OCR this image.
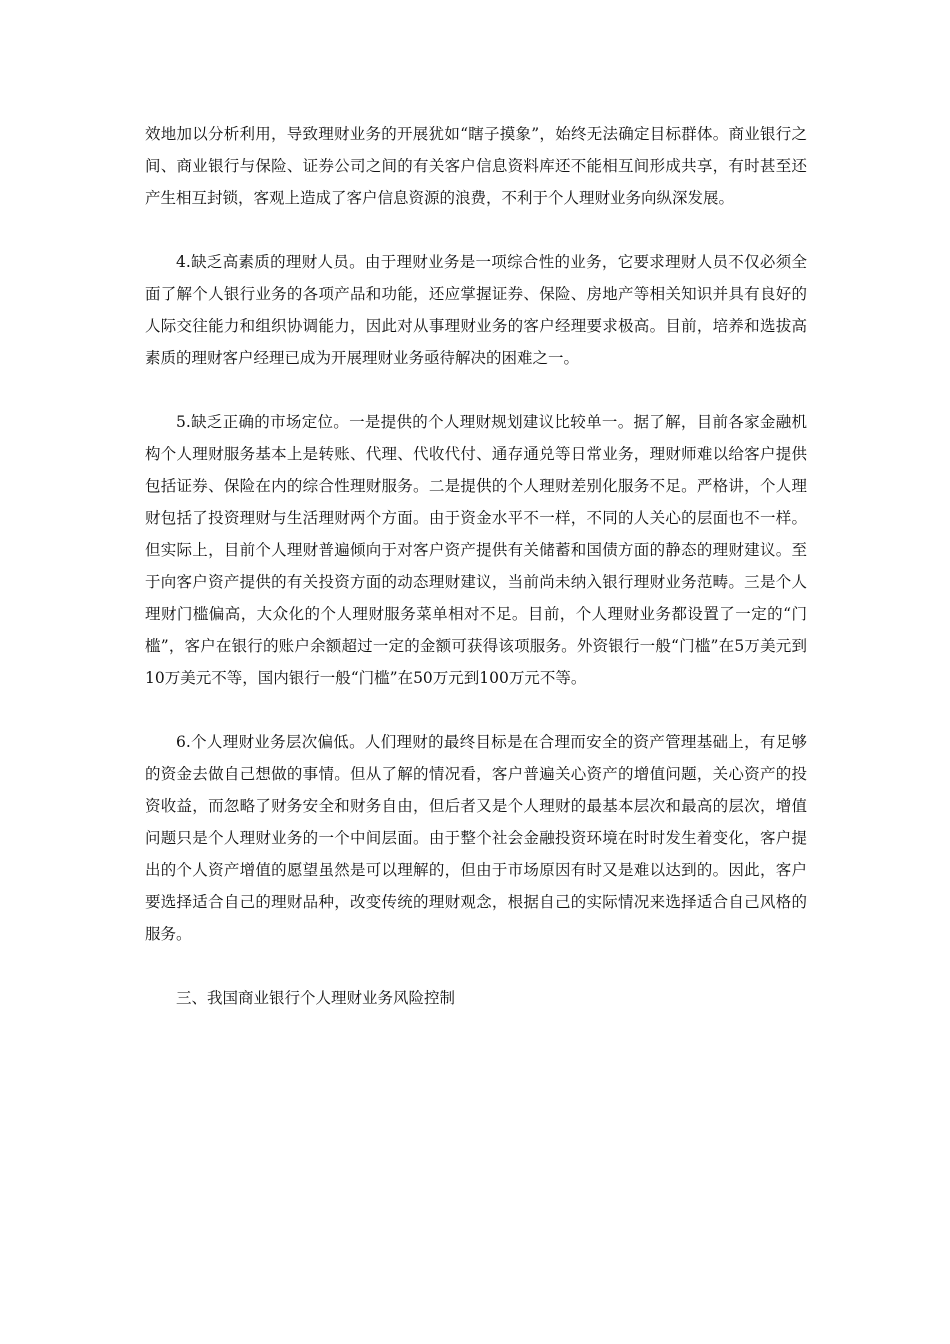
效地加以分析利用，导致理财业务的开展犹如“瞎子摸象”，始终无法确定目标群体。商业银行之间、商业银行与保险、证券公司之间的有关客户信息资料库还不能相互间形成共享，有时甚至还产生相互封锁，客观上造成了客户信息资源的浪费，不利于个人理财业务向纵深发展。

4.缺乏高素质的理财人员。由于理财业务是一项综合性的业务，它要求理财人员不仅必须全面了解个人银行业务的各项产品和功能，还应掌握证券、保险、房地产等相关知识并具有良好的人际交往能力和组织协调能力，因此对从事理财业务的客户经理要求极高。目前，培养和选拔高素质的理财客户经理已成为开展理财业务亟待解决的困难之一。

5.缺乏正确的市场定位。一是提供的个人理财规划建议比较单一。据了解，目前各家金融机构个人理财服务基本上是转账、代理、代收代付、通存通兑等日常业务，理财师难以给客户提供包括证券、保险在内的综合性理财服务。二是提供的个人理财差别化服务不足。严格讲，个人理财包括了投资理财与生活理财两个方面。由于资金水平不一样，不同的人关心的层面也不一样。但实际上，目前个人理财普遍倾向于对客户资产提供有关储蓄和国债方面的静态的理财建议。至于向客户资产提供的有关投资方面的动态理财建议，当前尚未纳入银行理财业务范畴。三是个人理财门槛偏高，大众化的个人理财服务菜单相对不足。目前，个人理财业务都设置了一定的“门槛”，客户在银行的账户余额超过一定的金额可获得该项服务。外资银行一般“门槛”在5万美元到10万美元不等，国内银行一般“门槛”在50万元到100万元不等。

6.个人理财业务层次偏低。人们理财的最终目标是在合理而安全的资产管理基础上，有足够的资金去做自己想做的事情。但从了解的情况看，客户普遍关心资产的增值问题，关心资产的投资收益，而忽略了财务安全和财务自由，但后者又是个人理财的最基本层次和最高的层次，增值问题只是个人理财业务的一个中间层面。由于整个社会金融投资环境在时时发生着变化，客户提出的个人资产增值的愿望虽然是可以理解的，但由于市场原因有时又是难以达到的。因此，客户要选择适合自己的理财品种，改变传统的理财观念，根据自己的实际情况来选择适合自己风格的服务。

三、我国商业银行个人理财业务风险控制
